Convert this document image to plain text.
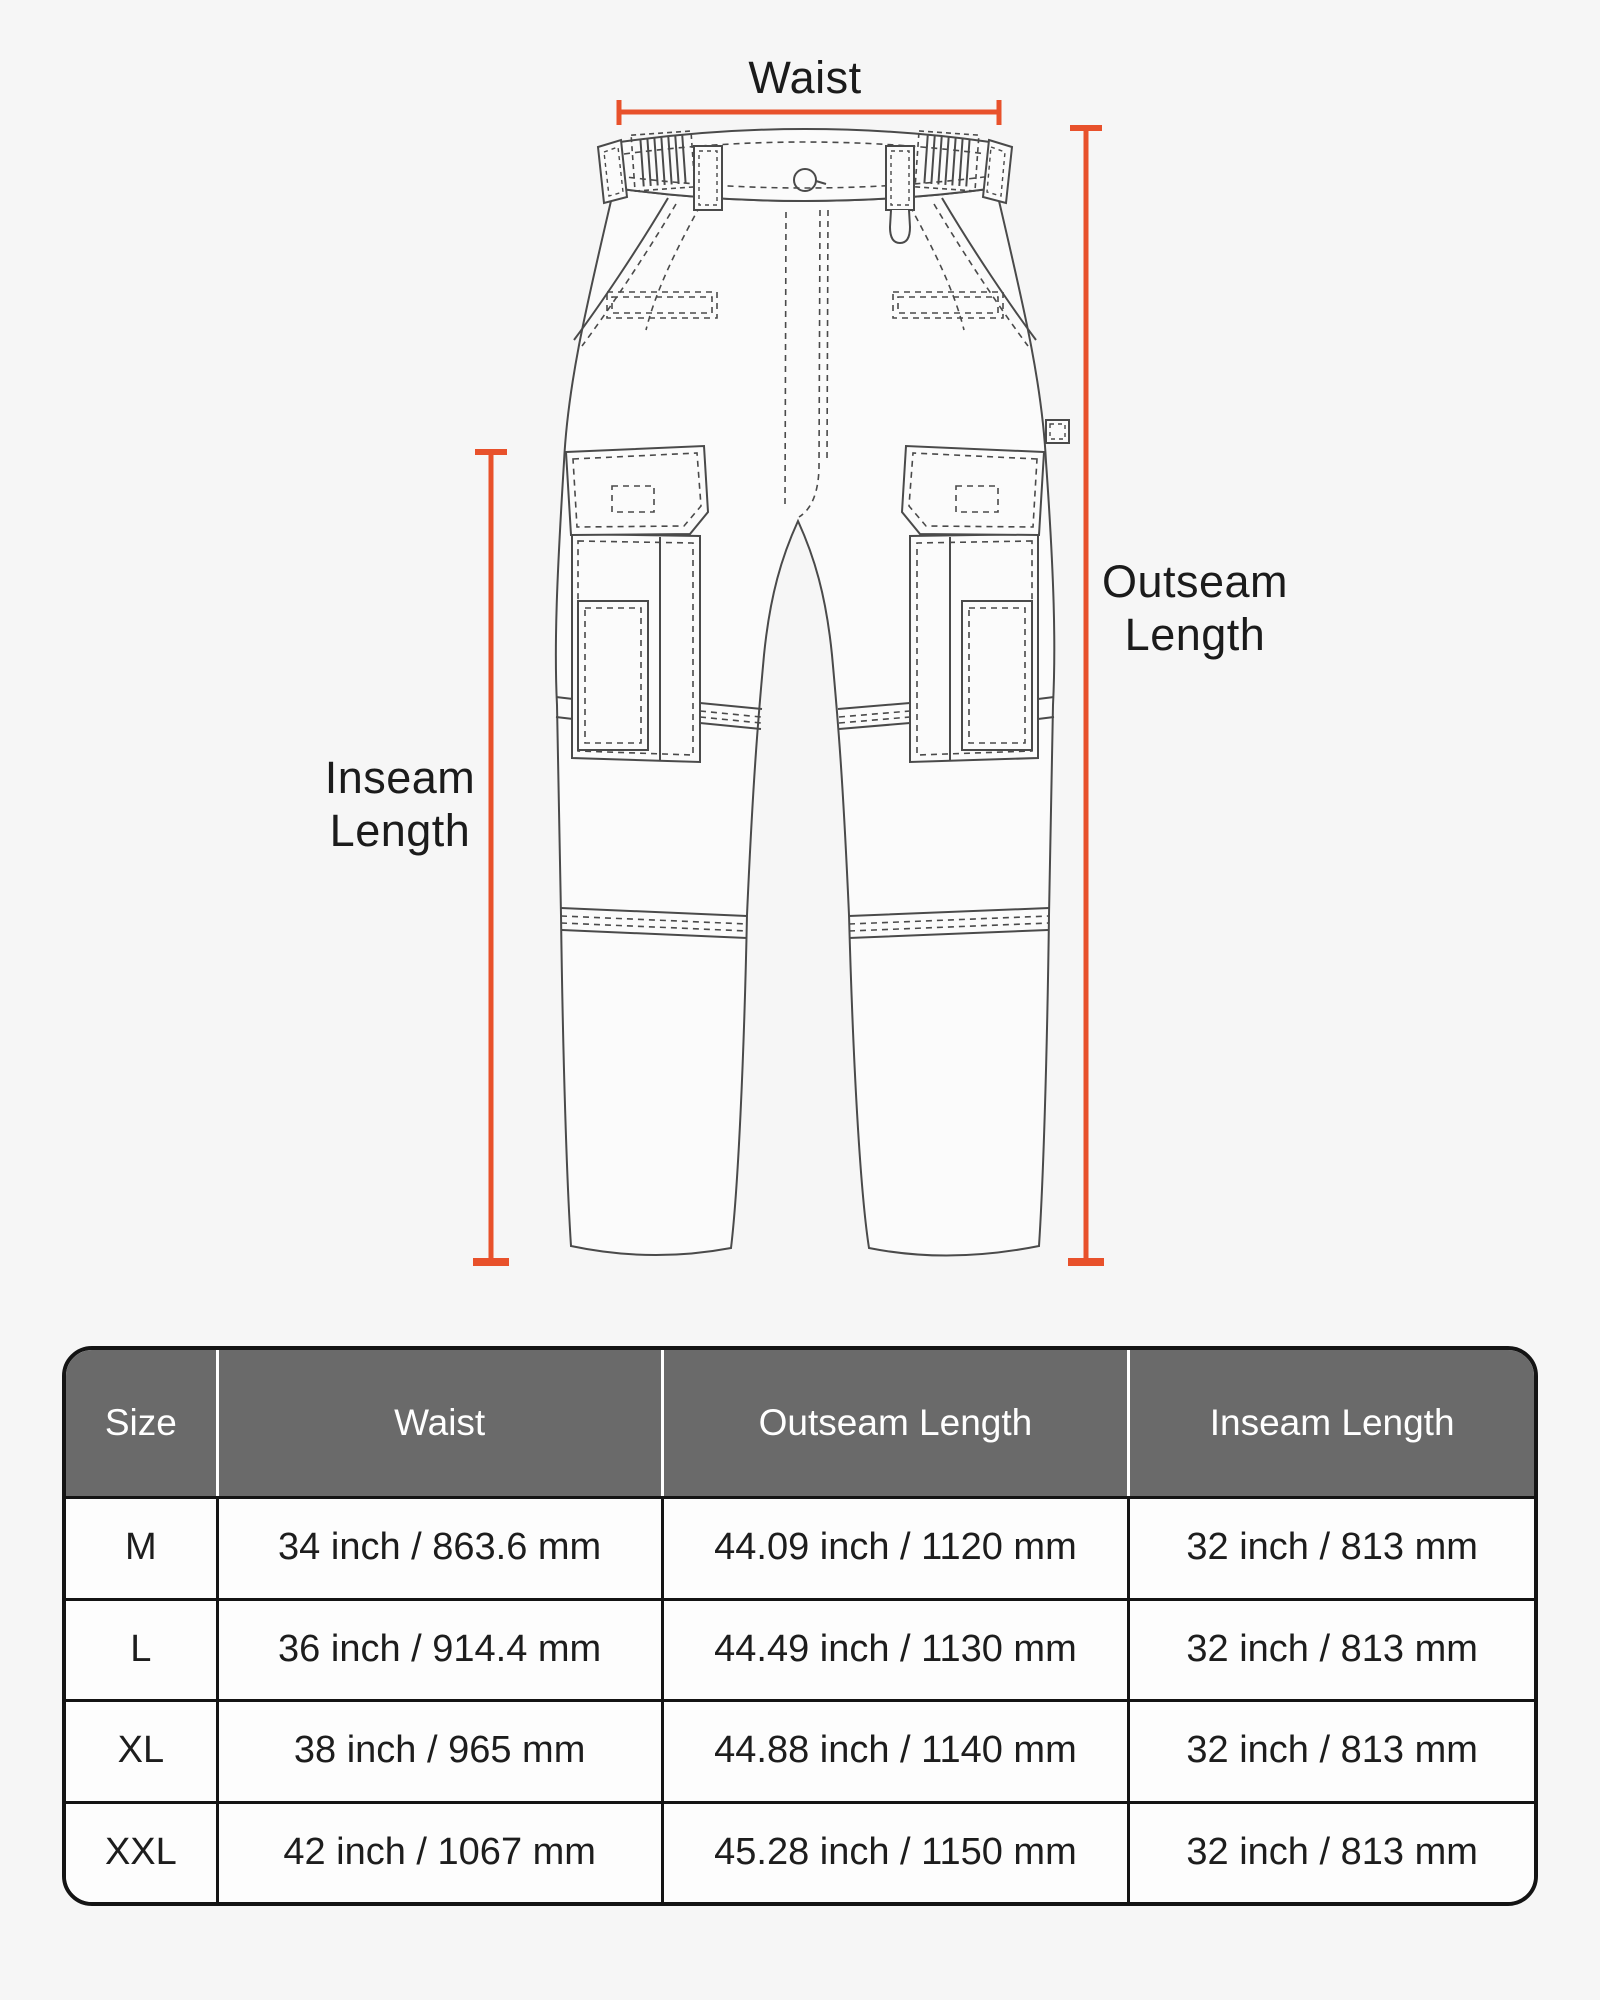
Waist
Outseam Length
Inseam Length
Size	Waist	Outseam Length	Inseam Length
M	34 inch / 863.6 mm	44.09 inch / 1120 mm	32 inch / 813 mm
L	36 inch / 914.4 mm	44.49 inch / 1130 mm	32 inch / 813 mm
XL	38 inch / 965 mm	44.88 inch / 1140 mm	32 inch / 813 mm
XXL	42 inch / 1067 mm	45.28 inch / 1150 mm	32 inch / 813 mm
